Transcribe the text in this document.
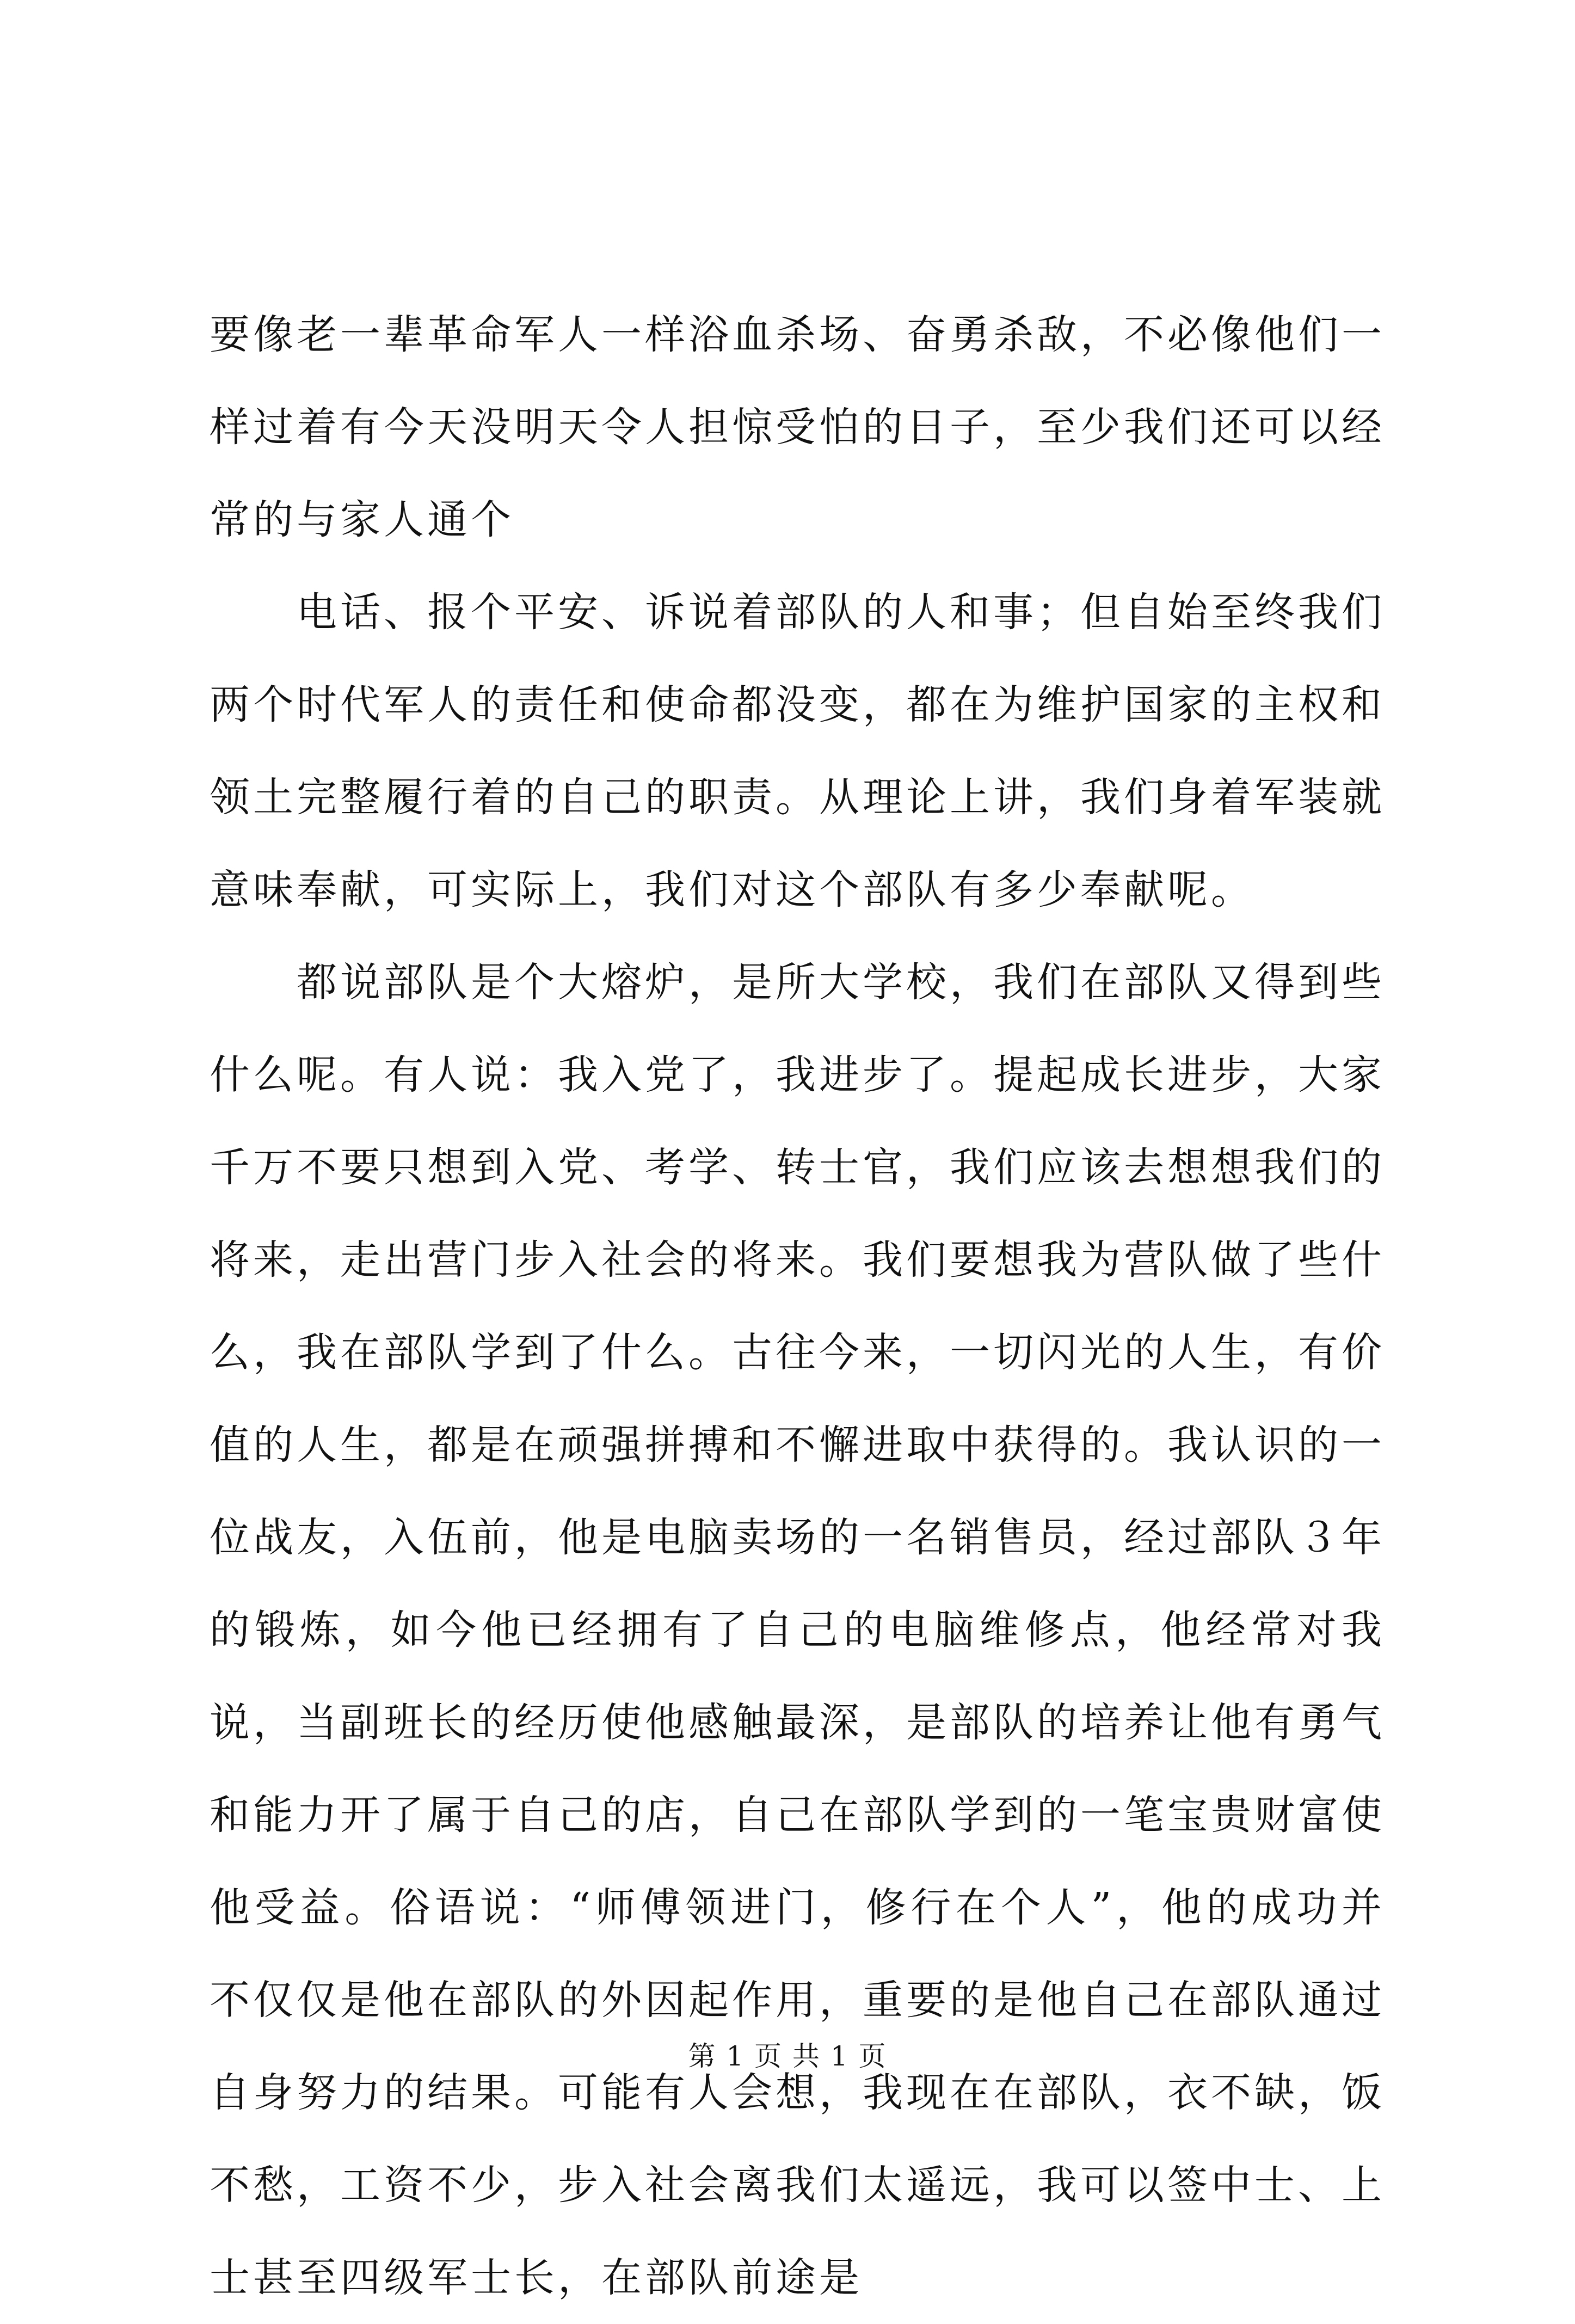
要像老一辈革命军人一样浴血杀场、奋勇杀敌，不必像他们一样过着有今天没明天令人担惊受怕的日子，至少我们还可以经常的与家人通个

电话、报个平安、诉说着部队的人和事；但自始至终我们两个时代军人的责任和使命都没变，都在为维护国家的主权和领土完整履行着的自己的职责。从理论上讲，我们身着军装就意味奉献，可实际上，我们对这个部队有多少奉献呢。

都说部队是个大熔炉，是所大学校，我们在部队又得到些什么呢。有人说：我入党了，我进步了。提起成长进步，大家千万不要只想到入党、考学、转士官，我们应该去想想我们的将来，走出营门步入社会的将来。我们要想我为营队做了些什么，我在部队学到了什么。古往今来，一切闪光的人生，有价值的人生，都是在顽强拼搏和不懈进取中获得的。我认识的一位战友，入伍前，他是电脑卖场的一名销售员，经过部队３年的锻炼，如今他已经拥有了自己的电脑维修点，他经常对我说，当副班长的经历使他感触最深，是部队的培养让他有勇气和能力开了属于自己的店，自己在部队学到的一笔宝贵财富使他受益。俗语说：“师傅领进门，修行在个人”，他的成功并不仅仅是他在部队的外因起作用，重要的是他自己在部队通过自身努力的结果。可能有人会想，我现在在部队，衣不缺，饭不愁，工资不少，步入社会离我们太遥远，我可以签中士、上士甚至四级军士长，在部队前途是

第 1 页 共 1 页
